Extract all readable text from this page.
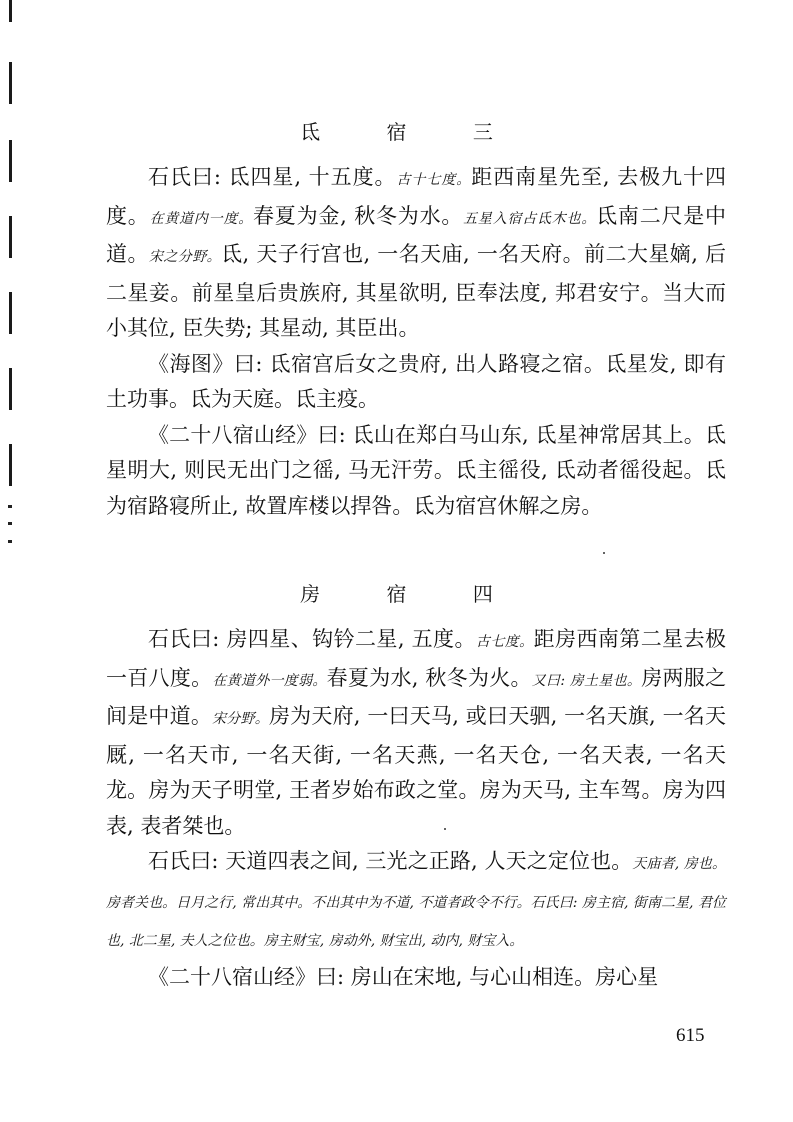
氐 宿 三

石氏曰: 氐四星, 十五度。古十七度。距西南星先至, 去极九十四度。在黄道内一度。春夏为金, 秋冬为水。五星入宿占氐木也。氐南二尺是中道。宋之分野。氐, 天子行宫也, 一名天庙, 一名天府。前二大星嫡, 后二星妾。前星皇后贵族府, 其星欲明, 臣奉法度, 邦君安宁。当大而小其位, 臣失势; 其星动, 其臣出。

《海图》曰: 氐宿宫后女之贵府, 出人路寝之宿。氐星发, 即有土功事。氐为天庭。氐主疫。

《二十八宿山经》曰: 氐山在郑白马山东, 氐星神常居其上。氐星明大, 则民无出门之徭, 马无汗劳。氐主徭役, 氐动者徭役起。氐为宿路寝所止, 故置库楼以捍咎。氐为宿宫休解之房。

房 宿 四

石氏曰: 房四星、钩钤二星, 五度。古七度。距房西南第二星去极一百八度。在黄道外一度弱。春夏为水, 秋冬为火。又曰: 房土星也。房两服之间是中道。宋分野。房为天府, 一曰天马, 或曰天驷, 一名天旗, 一名天厩, 一名天市, 一名天街, 一名天燕, 一名天仓, 一名天表, 一名天龙。房为天子明堂, 王者岁始布政之堂。房为天马, 主车驾。房为四表, 表者桀也。

石氏曰: 天道四表之间, 三光之正路, 人天之定位也。天庙者, 房也。房者关也。日月之行, 常出其中。不出其中为不道, 不道者政令不行。石氏曰: 房主宿, 街南二星, 君位也, 北二星, 夫人之位也。房主财宝, 房动外, 财宝出, 动内, 财宝入。

《二十八宿山经》曰: 房山在宋地, 与心山相连。房心星

615
